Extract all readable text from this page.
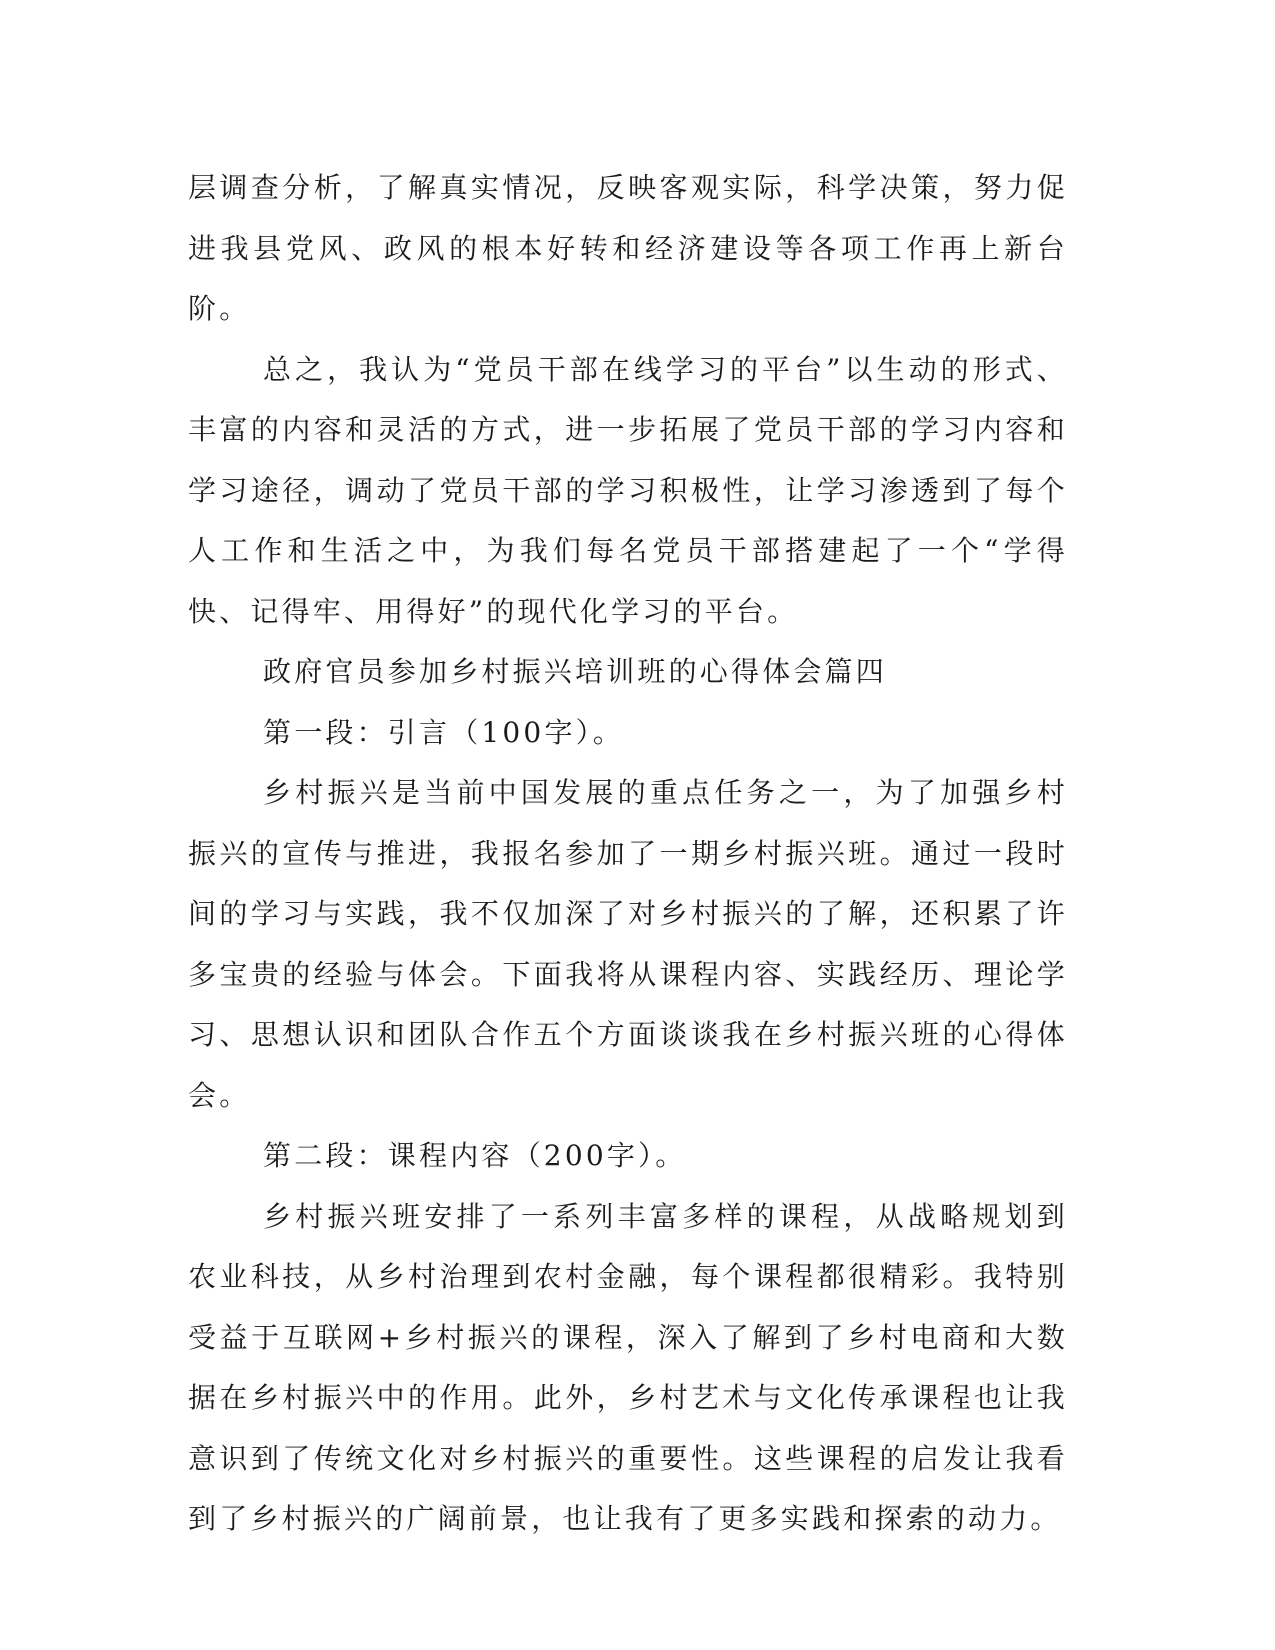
层调查分析，了解真实情况，反映客观实际，科学决策，努力促进我县党风、政风的根本好转和经济建设等各项工作再上新台阶。

总之，我认为“党员干部在线学习的平台”以生动的形式、丰富的内容和灵活的方式，进一步拓展了党员干部的学习内容和学习途径，调动了党员干部的学习积极性，让学习渗透到了每个人工作和生活之中，为我们每名党员干部搭建起了一个“学得快、记得牢、用得好”的现代化学习的平台。

政府官员参加乡村振兴培训班的心得体会篇四

第一段：引言（100字）。

乡村振兴是当前中国发展的重点任务之一，为了加强乡村振兴的宣传与推进，我报名参加了一期乡村振兴班。通过一段时间的学习与实践，我不仅加深了对乡村振兴的了解，还积累了许多宝贵的经验与体会。下面我将从课程内容、实践经历、理论学习、思想认识和团队合作五个方面谈谈我在乡村振兴班的心得体会。

第二段：课程内容（200字）。

乡村振兴班安排了一系列丰富多样的课程，从战略规划到农业科技，从乡村治理到农村金融，每个课程都很精彩。我特别受益于互联网+乡村振兴的课程，深入了解到了乡村电商和大数据在乡村振兴中的作用。此外，乡村艺术与文化传承课程也让我意识到了传统文化对乡村振兴的重要性。这些课程的启发让我看到了乡村振兴的广阔前景，也让我有了更多实践和探索的动力。
